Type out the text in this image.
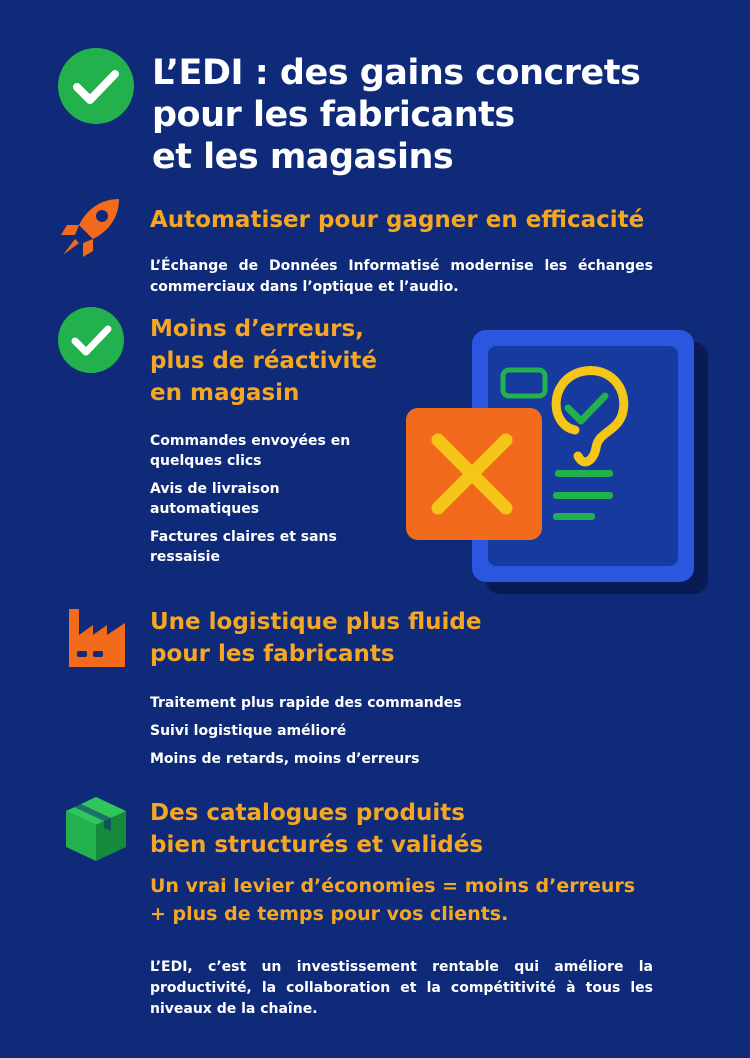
L’EDI : des gains concrets
pour les fabricants
et les magasins
Automatiser pour gagner en efficacité

L’Échange de Données Informatisé modernise les échanges commerciaux dans l’optique et l’audio.

Moins d’erreurs,
plus de réactivité
en magasin
Commandes envoyées en quelques clics
Avis de livraison automatiques
Factures claires et sans ressaisie
Une logistique plus fluide
pour les fabricants
Traitement plus rapide des commandes
Suivi logistique amélioré
Moins de retards, moins d’erreurs
Des catalogues produits
bien structurés et validés
Un vrai levier d’économies = moins d’erreurs
+ plus de temps pour vos clients.

L’EDI, c’est un investissement rentable qui améliore la productivité, la collaboration et la compétitivité à tous les niveaux de la chaîne.
